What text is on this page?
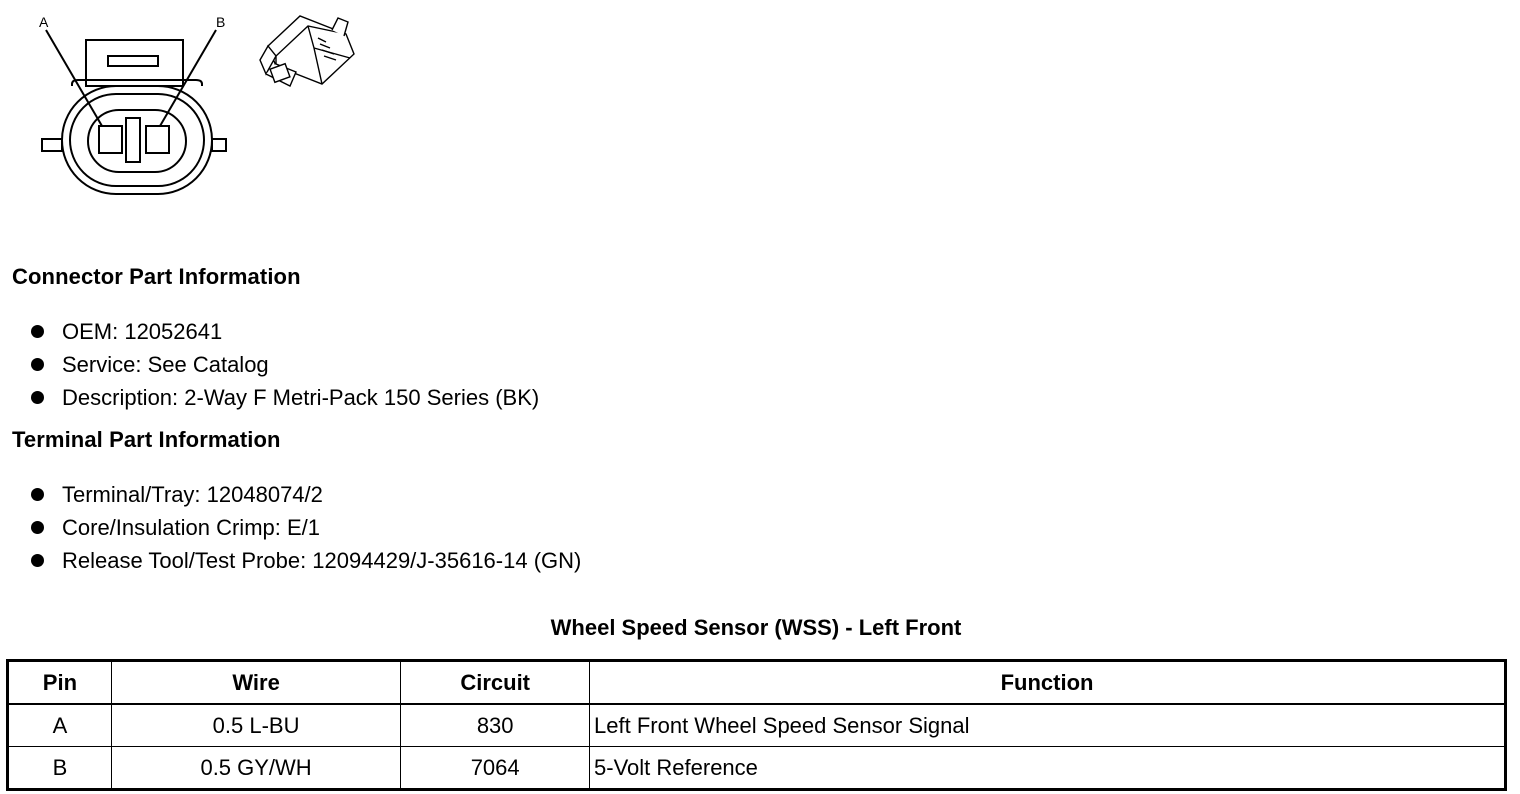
A	B
Connector Part Information
OEM: 12052641
Service: See Catalog
Description: 2-Way F Metri-Pack 150 Series (BK)
Terminal Part Information
Terminal/Tray: 12048074/2
Core/Insulation Crimp: E/1
Release Tool/Test Probe: 12094429/J-35616-14 (GN)
Wheel Speed Sensor (WSS) - Left Front
Pin	Wire	Circuit	Function
A	0.5 L-BU	830	Left Front Wheel Speed Sensor Signal
B	0.5 GY/WH	7064	5-Volt Reference
